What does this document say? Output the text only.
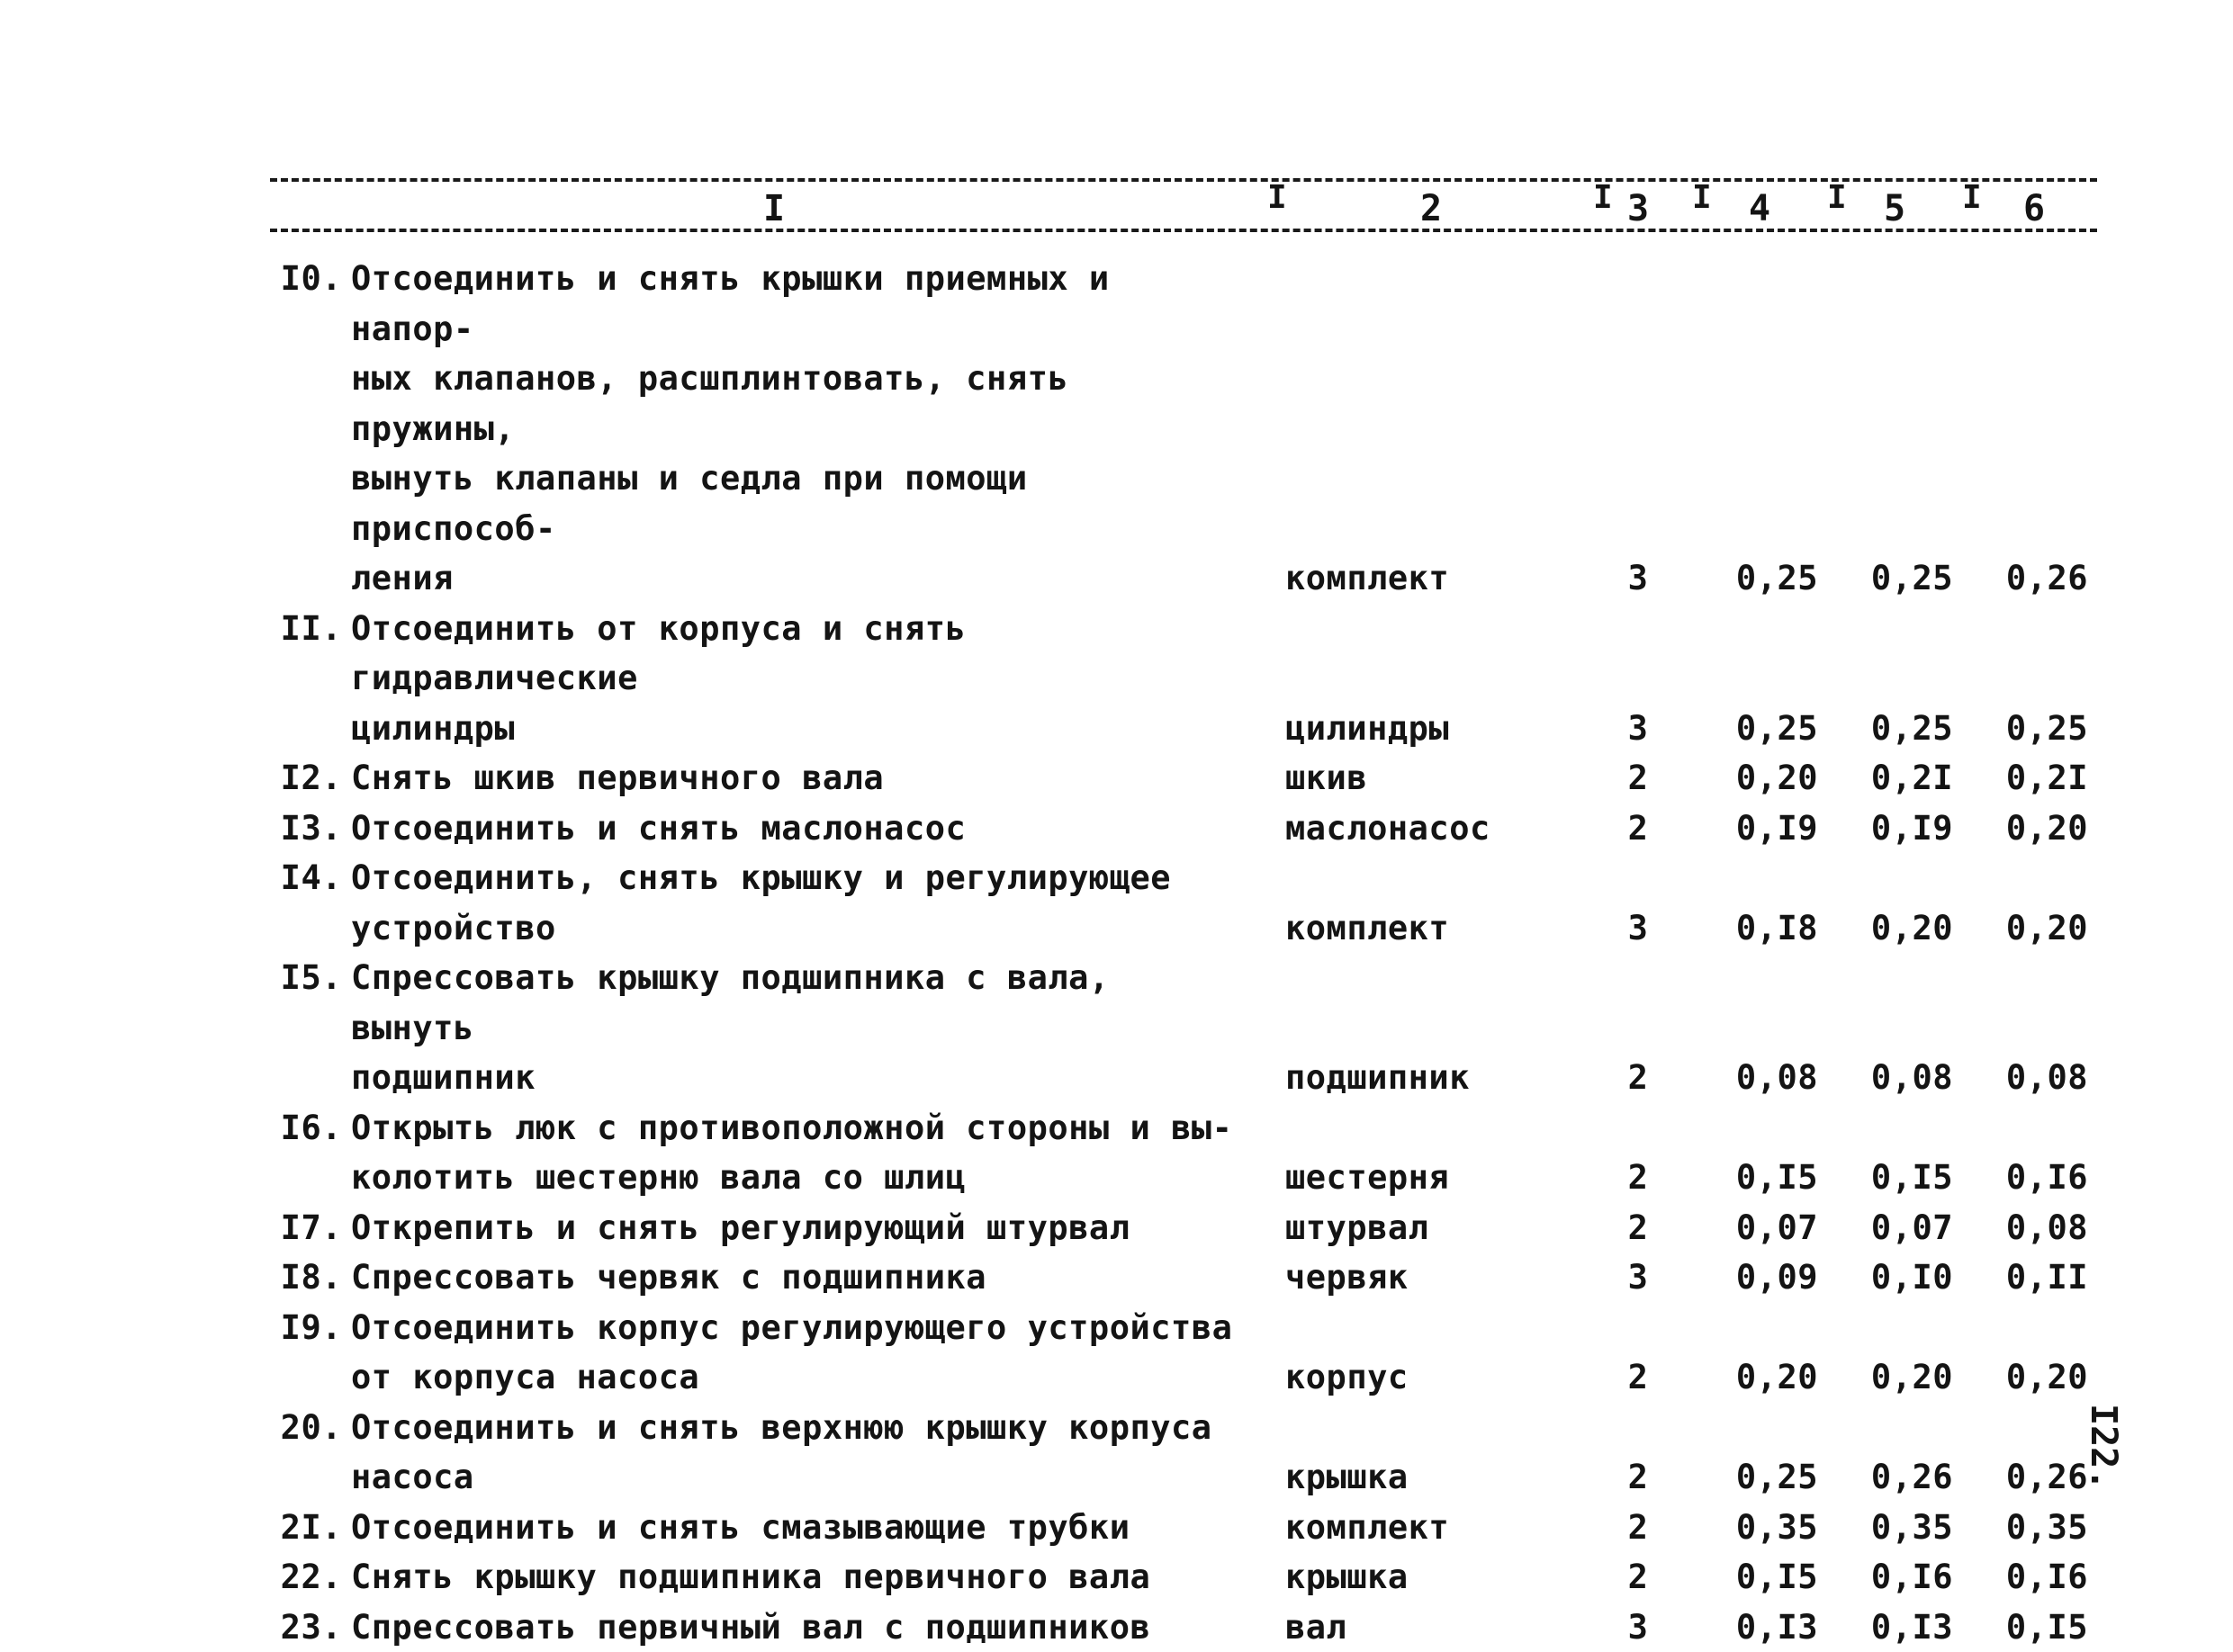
I	2	3	4	5	6
I	I I	I	I
I0. Отсоединить и снять крышки приемных и напор-
ных клапанов, расшплинтовать, снять пружины,
вынуть клапаны и седла при помощи приспособ-
ления	комплект	3	0,25	0,25	0,26
II. Отсоединить от корпуса и снять гидравлические
цилиндры	цилиндры	3	0,25	0,25	0,25
I2. Снять шкив первичного вала	шкив	2	0,20	0,2I	0,2I
I3. Отсоединить и снять маслонасос	маслонасос	2	0,I9	0,I9	0,20
I4. Отсоединить, снять крышку и регулирующее
устройство	комплект	3	0,I8	0,20	0,20
I5. Спрессовать крышку подшипника с вала, вынуть
подшипник	подшипник	2	0,08	0,08	0,08
I6. Открыть люк с противоположной стороны и вы-
колотить шестерню вала со шлиц	шестерня	2	0,I5	0,I5	0,I6
I7. Открепить и снять регулирующий штурвал	штурвал	2	0,07	0,07	0,08
I8. Спрессовать червяк с подшипника	червяк	3	0,09	0,I0	0,II
I9. Отсоединить корпус регулирующего устройства
от корпуса насоса	корпус	2	0,20	0,20	0,20
20. Отсоединить и снять верхнюю крышку корпуса
насоса	крышка	2	0,25	0,26	0,26
2I. Отсоединить и снять смазывающие трубки	комплект	2	0,35	0,35	0,35
22. Снять крышку подшипника первичного вала	крышка	2	0,I5	0,I6	0,I6
23. Спрессовать первичный вал с подшипников	вал	3	0,I3	0,I3	0,I5
I22.
